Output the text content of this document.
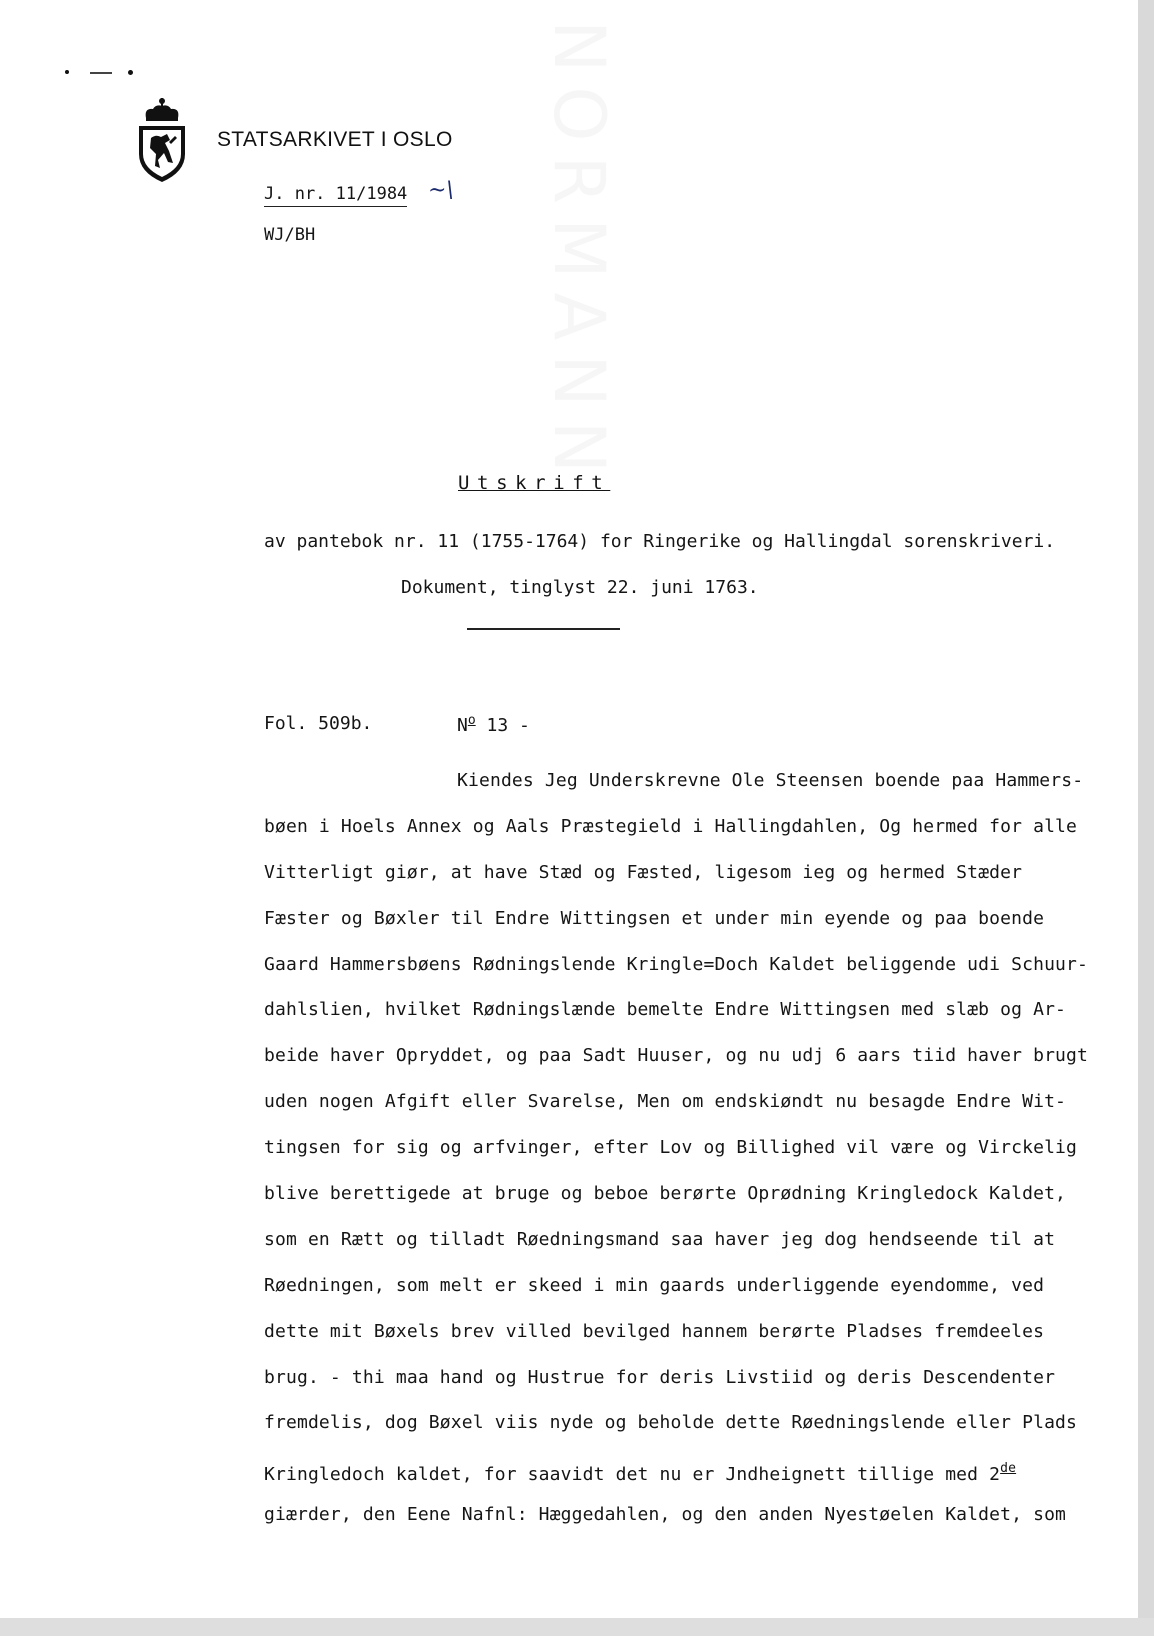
STATSARKIVET I OSLO
J. nr. 11/1984 ~\
WJ/BH
Utskrift
av pantebok nr. 11 (1755-1764) for Ringerike og Hallingdal sorenskriveri.
Dokument, tinglyst 22. juni 1763.
Fol. 509b.	$N^o$ 13 -
Kiendes Jeg Underskrevne Ole Steensen boende paa Hammers-
bøen i Hoels Annex og Aals Præstegield i Hallingdahlen, Og hermed for alle
Vitterligt giør, at have Stæd og Fæsted, ligesom ieg og hermed Stæder
Fæster og Bøxler til Endre Wittingsen et under min eyende og paa boende
Gaard Hammersbøens Rødningslende Kringle=Doch Kaldet beliggende udi Schuur-
dahlslien, hvilket Rødningslænde bemelte Endre Wittingsen med slæb og Ar-
beide haver Opryddet, og paa Sadt Huuser, og nu udj 6 aars tiid haver brugt
uden nogen Afgift eller Svarelse, Men om endskiøndt nu besagde Endre Wit-
tingsen for sig og arfvinger, efter Lov og Billighed vil være og Virckelig
blive berettigede at bruge og beboe berørte Oprødning Kringledock Kaldet,
som en Rætt og tilladt Røedningsmand saa haver jeg dog hendseende til at
Røedningen, som melt er skeed i min gaards underliggende eyendomme, ved
dette mit Bøxels brev villed bevilged hannem berørte Pladses fremdeeles
brug. - thi maa hand og Hustrue for deris Livstiid og deris Descendenter
fremdelis, dog Bøxel viis nyde og beholde dette Røedningslende eller Plads
Kringledoch kaldet, for saavidt det nu er Jndheignett tillige med 2de
giærder, den Eene Nafnl: Hæggedahlen, og den anden Nyestøelen Kaldet, som
